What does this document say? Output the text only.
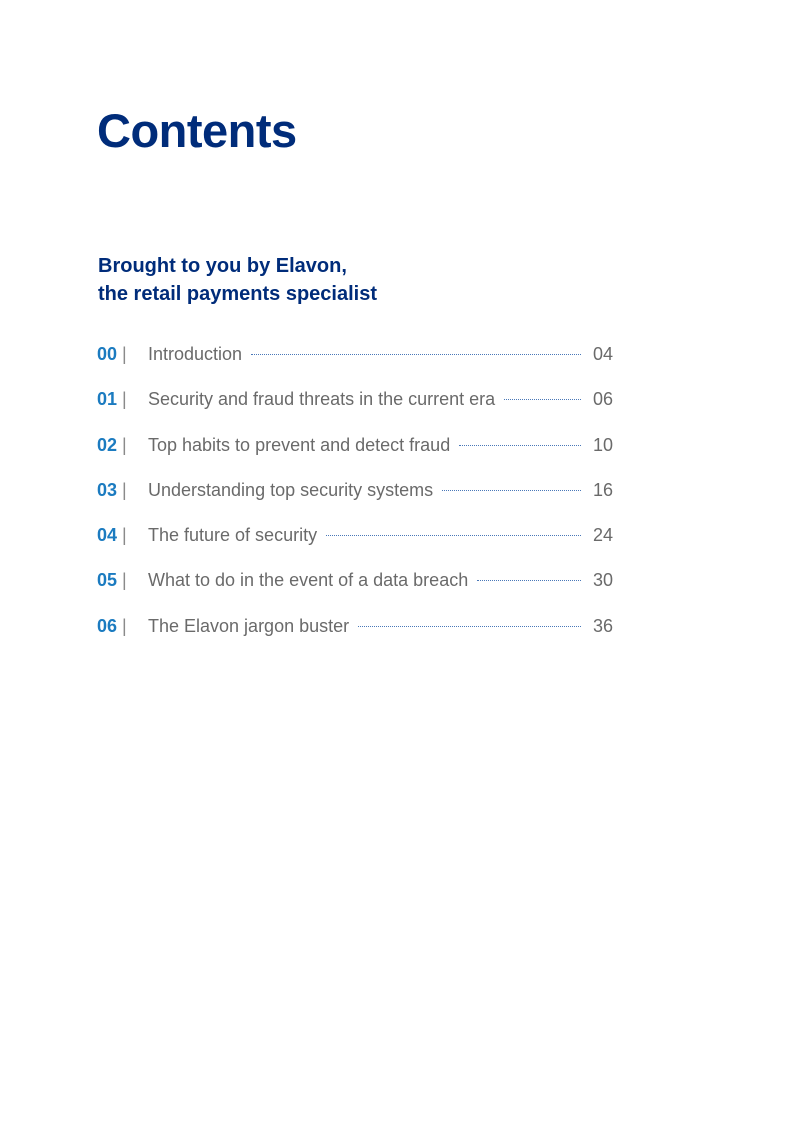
Contents
Brought to you by Elavon,
the retail payments specialist
00 |	Introduction	04
01 |	Security and fraud threats in the current era	06
02 |	Top habits to prevent and detect fraud	10
03 |	Understanding top security systems	16
04 |	The future of security	24
05 |	What to do in the event of a data breach	30
06 |	The Elavon jargon buster	36
